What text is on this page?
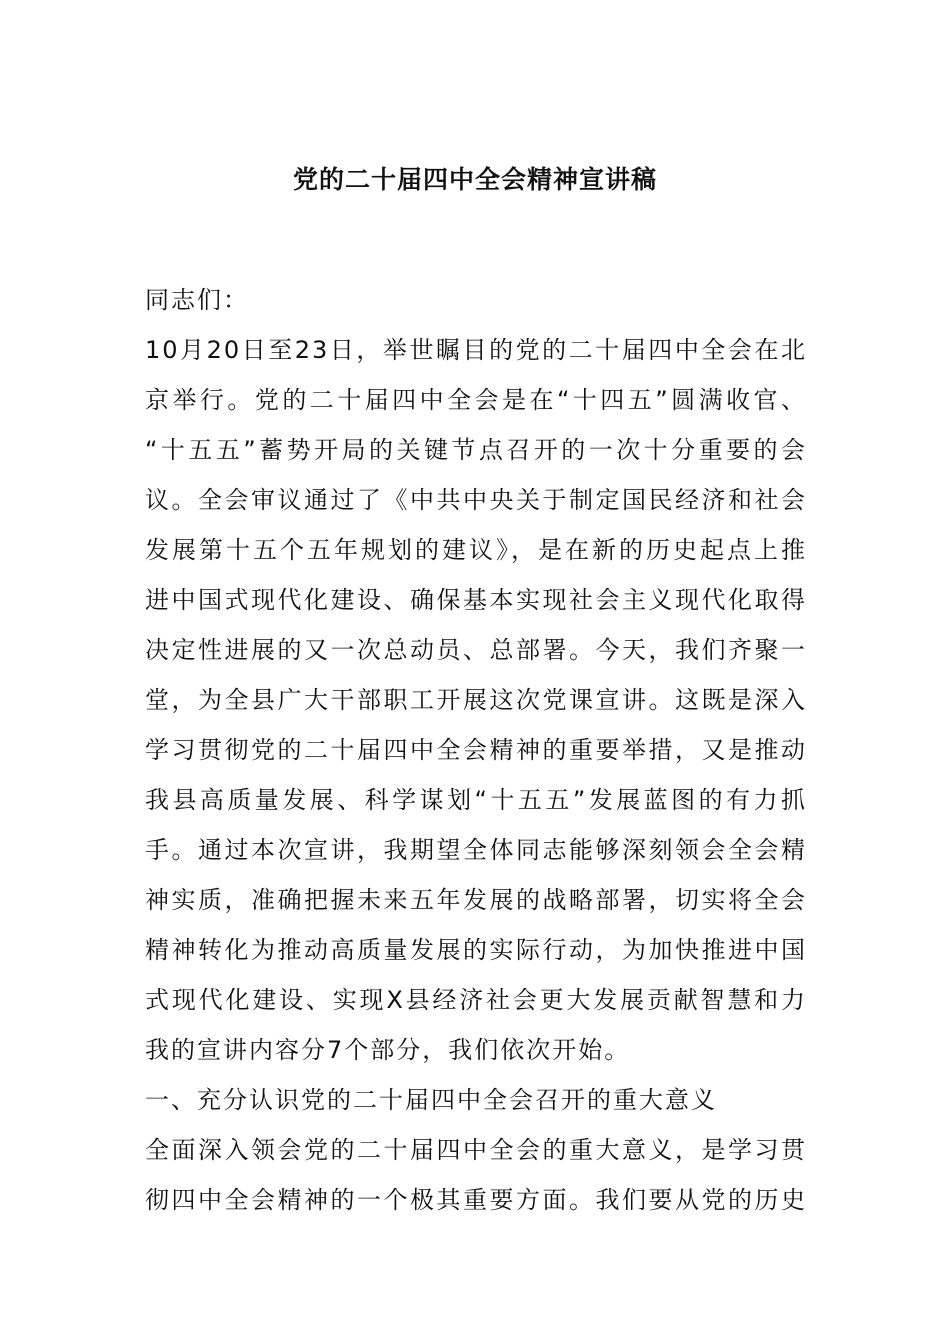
党的二十届四中全会精神宣讲稿
同志们：
10月20日至23日，举世瞩目的党的二十届四中全会在北
京举行。党的二十届四中全会是在“十四五”圆满收官、
“十五五”蓄势开局的关键节点召开的一次十分重要的会
议。全会审议通过了《中共中央关于制定国民经济和社会
发展第十五个五年规划的建议》，是在新的历史起点上推
进中国式现代化建设、确保基本实现社会主义现代化取得
决定性进展的又一次总动员、总部署。今天，我们齐聚一
堂，为全县广大干部职工开展这次党课宣讲。这既是深入
学习贯彻党的二十届四中全会精神的重要举措，又是推动
我县高质量发展、科学谋划“十五五”发展蓝图的有力抓
手。通过本次宣讲，我期望全体同志能够深刻领会全会精
神实质，准确把握未来五年发展的战略部署，切实将全会
精神转化为推动高质量发展的实际行动，为加快推进中国
式现代化建设、实现X县经济社会更大发展贡献智慧和力
我的宣讲内容分7个部分，我们依次开始。
一、充分认识党的二十届四中全会召开的重大意义
全面深入领会党的二十届四中全会的重大意义，是学习贯
彻四中全会精神的一个极其重要方面。我们要从党的历史
